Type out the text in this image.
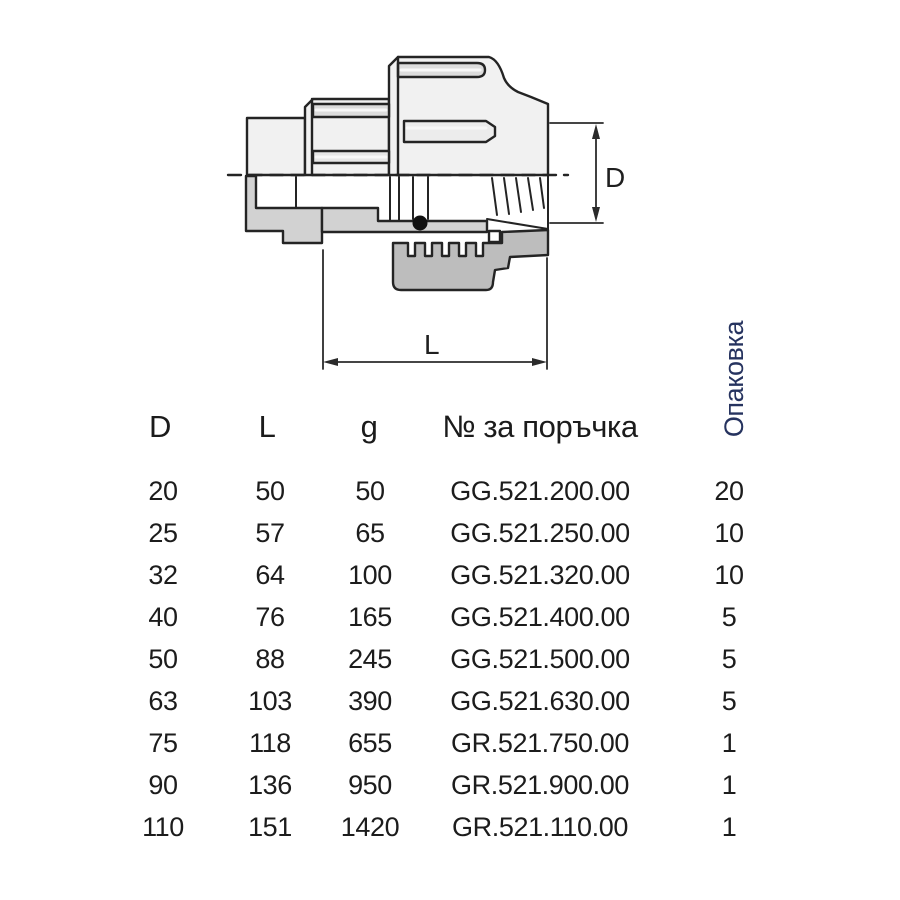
D
L
D	L	g	№ за поръчка	Опаковка
20	50	50	GG.521.200.00	20
25	57	65	GG.521.250.00	10
32	64	100	GG.521.320.00	10
40	76	165	GG.521.400.00	5
50	88	245	GG.521.500.00	5
63	103	390	GG.521.630.00	5
75	118	655	GR.521.750.00	1
90	136	950	GR.521.900.00	1
110	151	1420	GR.521.110.00	1
